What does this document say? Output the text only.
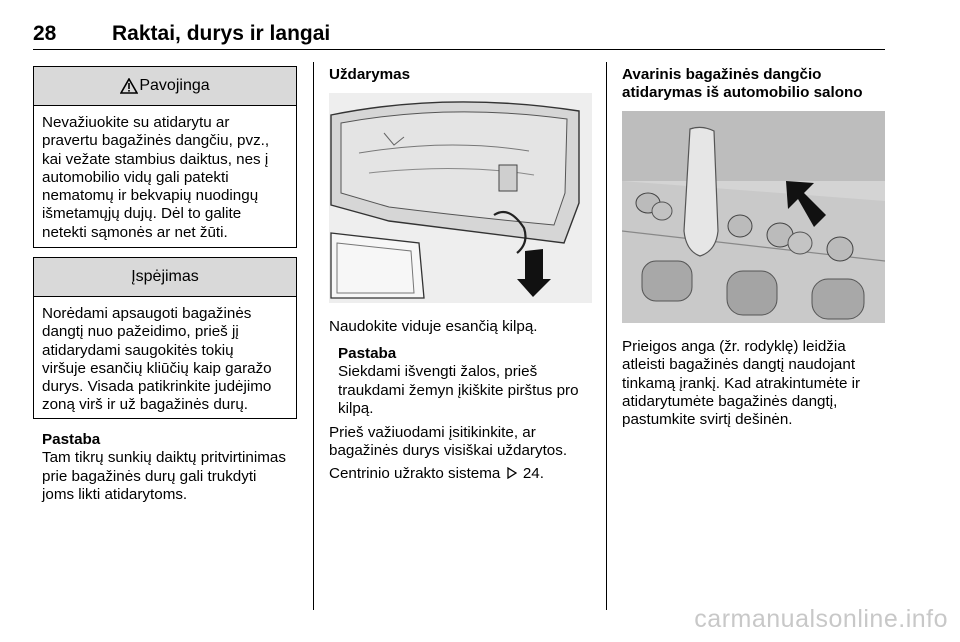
28	Raktai, durys ir langai
Pavojinga
Nevažiuokite su atidarytu ar
pravertu bagažinės dangčiu, pvz.,
kai vežate stambius daiktus, nes į
automobilio vidų gali patekti
nematomų ir bekvapių nuodingų
išmetamųjų dujų. Dėl to galite
netekti sąmonės ar net žūti.
Įspėjimas
Norėdami apsaugoti bagažinės
dangtį nuo pažeidimo, prieš jį
atidarydami saugokitės tokių
viršuje esančių kliūčių kaip garažo
durys. Visada patikrinkite judėjimo
zoną virš ir už bagažinės durų.
Pastaba
Tam tikrų sunkių daiktų pritvirtinimas
prie bagažinės durų gali trukdyti
joms likti atidarytoms.
Uždarymas
Naudokite viduje esančią kilpą.
Pastaba
Siekdami išvengti žalos, prieš
traukdami žemyn įkiškite pirštus pro
kilpą.
Prieš važiuodami įsitikinkite, ar
bagažinės durys visiškai uždarytos.
Centrinio užrakto sistema 24.
Avarinis bagažinės dangčio
atidarymas iš automobilio salono
Prieigos anga (žr. rodyklę) leidžia
atleisti bagažinės dangtį naudojant
tinkamą įrankį. Kad atrakintumėte ir
atidarytumėte bagažinės dangtį,
pastumkite svirtį dešinėn.
carmanualsonline.info
